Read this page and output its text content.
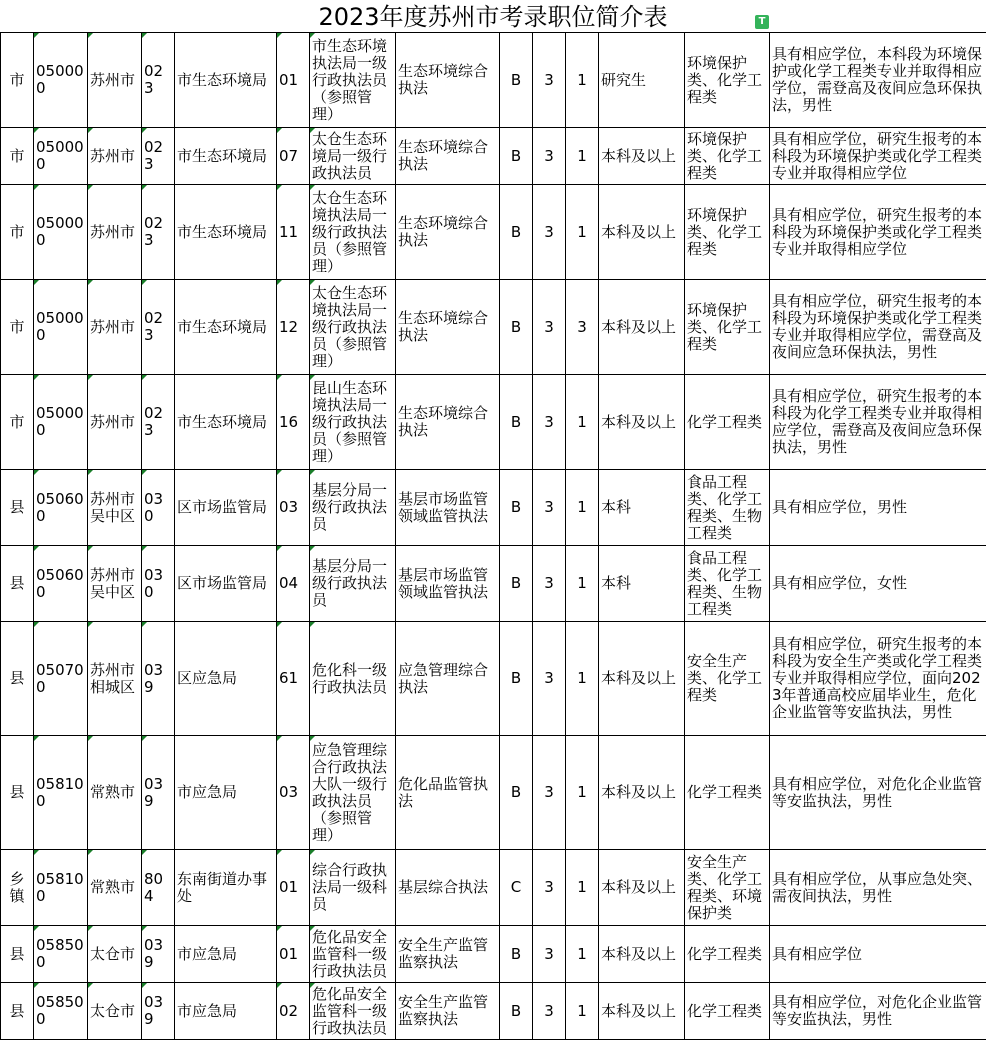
2023年度苏州市考录职位简介表	T
市	050000	苏州市	023	市生态环境局	01	市生态环境执法局一级行政执法员（参照管理）	生态环境综合执法	B	3	1	研究生	环境保护类、化学工程类	具有相应学位，本科段为环境保护或化学工程类专业并取得相应学位，需登高及夜间应急环保执法，男性
市	050000	苏州市	023	市生态环境局	07	太仓生态环境局一级行政执法员	生态环境综合执法	B	3	1	本科及以上	环境保护类、化学工程类	具有相应学位，研究生报考的本科段为环境保护类或化学工程类专业并取得相应学位
市	050000	苏州市	023	市生态环境局	11	太仓生态环境执法局一级行政执法员（参照管理）	生态环境综合执法	B	3	1	本科及以上	环境保护类、化学工程类	具有相应学位，研究生报考的本科段为环境保护类或化学工程类专业并取得相应学位
市	050000	苏州市	023	市生态环境局	12	太仓生态环境执法局一级行政执法员（参照管理）	生态环境综合执法	B	3	3	本科及以上	环境保护类、化学工程类	具有相应学位，研究生报考的本科段为环境保护类或化学工程类专业并取得相应学位，需登高及夜间应急环保执法，男性
市	050000	苏州市	023	市生态环境局	16	昆山生态环境执法局一级行政执法员（参照管理）	生态环境综合执法	B	3	1	本科及以上	化学工程类	具有相应学位，研究生报考的本科段为化学工程类专业并取得相应学位，需登高及夜间应急环保执法，男性
县	050600	苏州市吴中区	030	区市场监管局	03	基层分局一级行政执法员	基层市场监管领域监管执法	B	3	1	本科	食品工程类、化学工程类、生物工程类	具有相应学位，男性
县	050600	苏州市吴中区	030	区市场监管局	04	基层分局一级行政执法员	基层市场监管领域监管执法	B	3	1	本科	食品工程类、化学工程类、生物工程类	具有相应学位，女性
县	050700	苏州市相城区	039	区应急局	61	危化科一级行政执法员	应急管理综合执法	B	3	1	本科及以上	安全生产类、化学工程类	具有相应学位，研究生报考的本科段为安全生产类或化学工程类专业并取得相应学位，面向2023年普通高校应届毕业生，危化企业监管等安监执法，男性
县	058100	常熟市	039	市应急局	03	应急管理综合行政执法大队一级行政执法员（参照管理）	危化品监管执法	B	3	1	本科及以上	化学工程类	具有相应学位，对危化企业监管等安监执法，男性
乡镇	058100	常熟市	804	东南街道办事处	01	综合行政执法局一级科员	基层综合执法	C	3	1	本科及以上	安全生产类、化学工程类、环境保护类	具有相应学位，从事应急处突、需夜间执法，男性
县	058500	太仓市	039	市应急局	01	危化品安全监管科一级行政执法员	安全生产监管监察执法	B	3	1	本科及以上	化学工程类	具有相应学位
县	058500	太仓市	039	市应急局	02	危化品安全监管科一级行政执法员	安全生产监管监察执法	B	3	1	本科及以上	化学工程类	具有相应学位，对危化企业监管等安监执法，男性
